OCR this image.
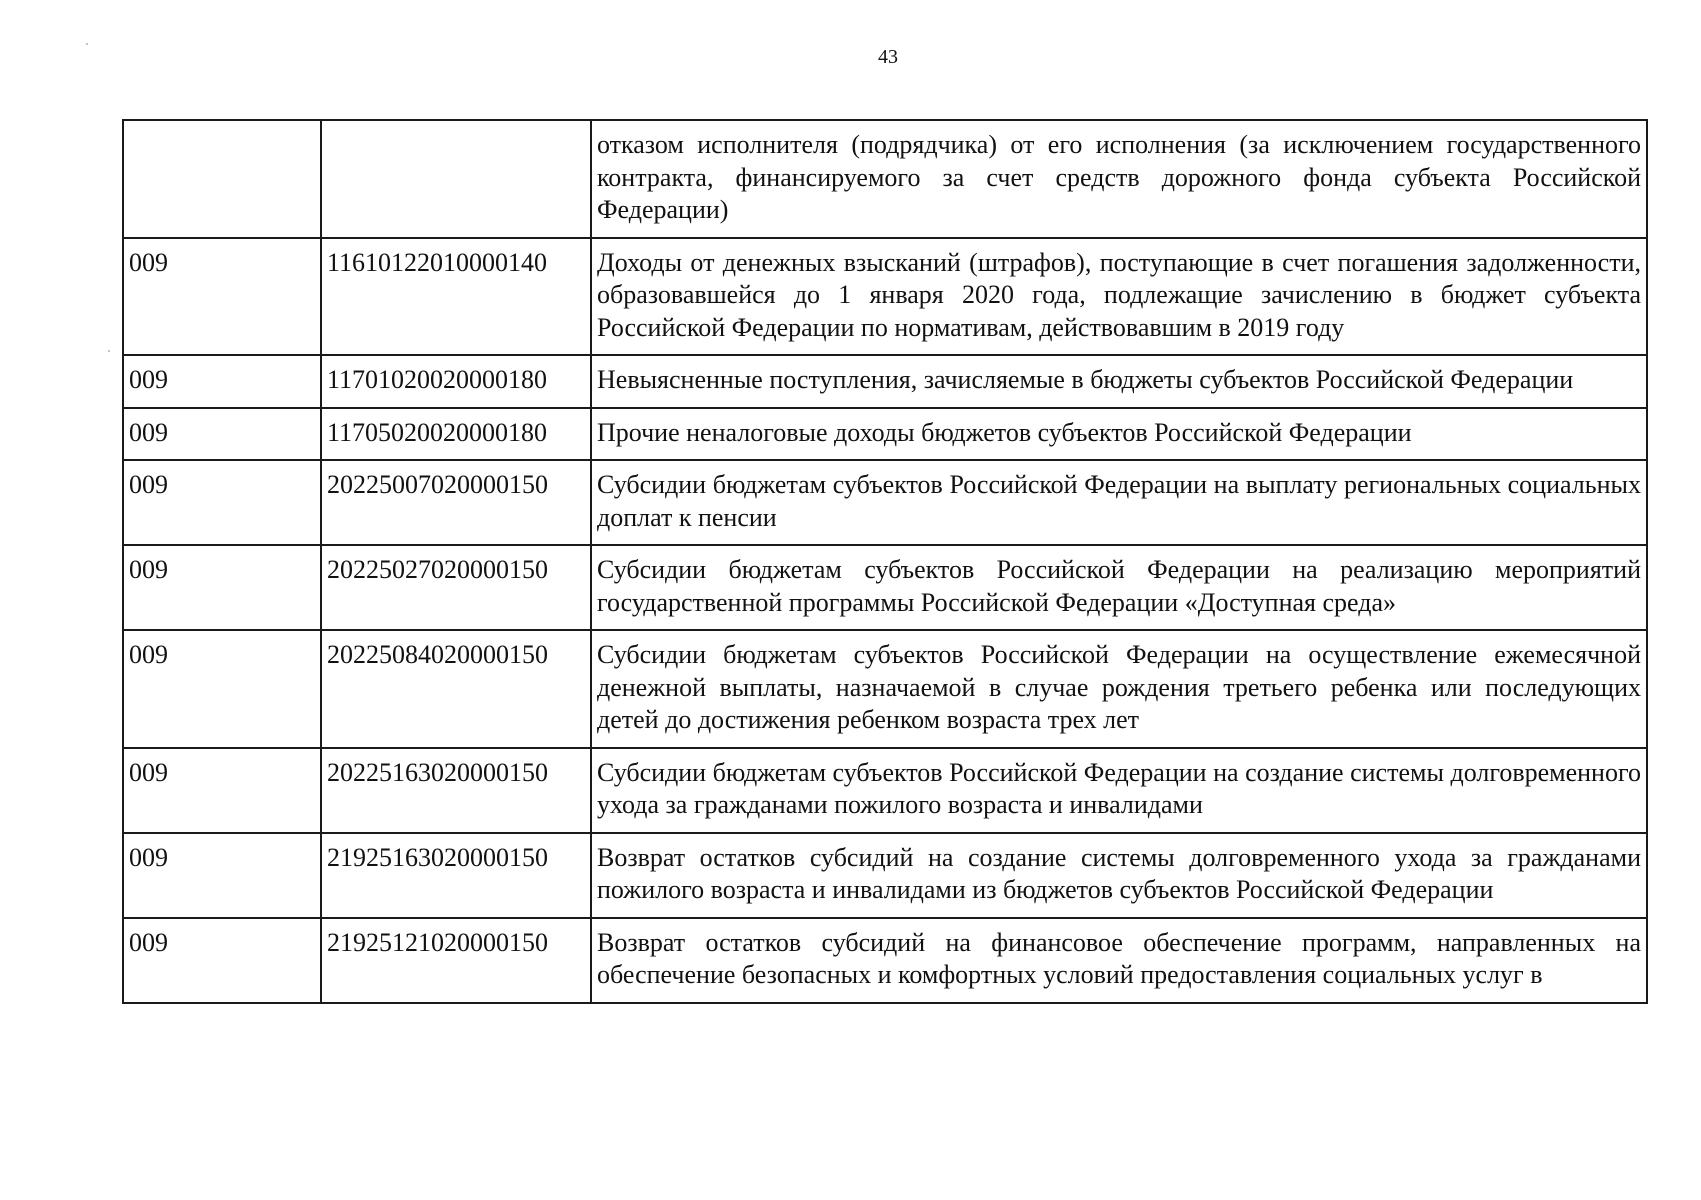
43
		отказом исполнителя (подрядчика) от его исполнения (за исключением государственного контракта, финансируемого за счет средств дорожного фонда субъекта Российской Федерации)
009	11610122010000140	Доходы от денежных взысканий (штрафов), поступающие в счет погашения задолженности, образовавшейся до 1 января 2020 года, подлежащие зачислению в бюджет субъекта Российской Федерации по нормативам, действовавшим в 2019 году
009	11701020020000180	Невыясненные поступления, зачисляемые в бюджеты субъектов Российской Федерации
009	11705020020000180	Прочие неналоговые доходы бюджетов субъектов Российской Федерации
009	20225007020000150	Субсидии бюджетам субъектов Российской Федерации на выплату региональных социальных доплат к пенсии
009	20225027020000150	Субсидии бюджетам субъектов Российской Федерации на реализацию мероприятий государственной программы Российской Федерации «Доступная среда»
009	20225084020000150	Субсидии бюджетам субъектов Российской Федерации на осуществление ежемесячной денежной выплаты, назначаемой в случае рождения третьего ребенка или последующих детей до достижения ребенком возраста трех лет
009	20225163020000150	Субсидии бюджетам субъектов Российской Федерации на создание системы долговременного ухода за гражданами пожилого возраста и инвалидами
009	21925163020000150	Возврат остатков субсидий на создание системы долговременного ухода за гражданами пожилого возраста и инвалидами из бюджетов субъектов Российской Федерации
009	21925121020000150	Возврат остатков субсидий на финансовое обеспечение программ, направленных на обеспечение безопасных и комфортных условий предоставления социальных услуг в
